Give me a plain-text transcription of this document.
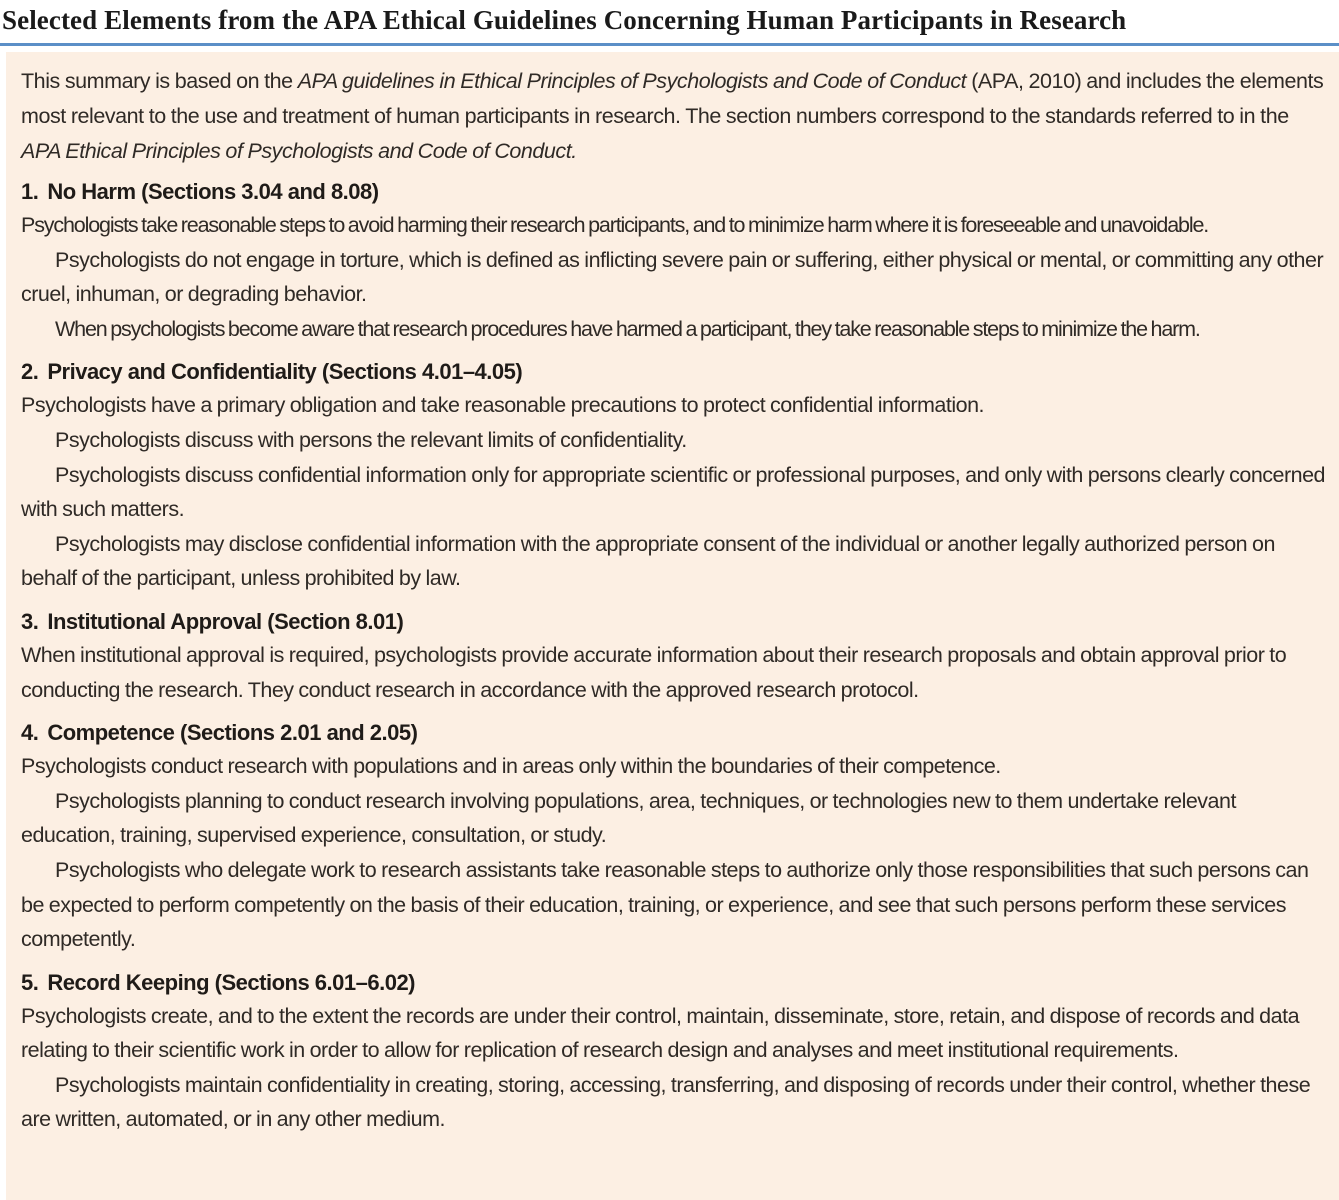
Selected Elements from the APA Ethical Guidelines Concerning Human Participants in Research

This summary is based on the APA guidelines in Ethical Principles of Psychologists and Code of Conduct (APA, 2010) and includes the elements most relevant to the use and treatment of human participants in research. The section numbers correspond to the standards referred to in the APA Ethical Principles of Psychologists and Code of Conduct.

1. No Harm (Sections 3.04 and 8.08)

Psychologists take reasonable steps to avoid harming their research participants, and to minimize harm where it is foreseeable and unavoidable.

Psychologists do not engage in torture, which is defined as inflicting severe pain or suffering, either physical or mental, or committing any other cruel, inhuman, or degrading behavior.

When psychologists become aware that research procedures have harmed a participant, they take reasonable steps to minimize the harm.

2. Privacy and Confidentiality (Sections 4.01–4.05)

Psychologists have a primary obligation and take reasonable precautions to protect confidential information.

Psychologists discuss with persons the relevant limits of confidentiality.

Psychologists discuss confidential information only for appropriate scientific or professional purposes, and only with persons clearly concerned with such matters.

Psychologists may disclose confidential information with the appropriate consent of the individual or another legally authorized person on behalf of the participant, unless prohibited by law.

3. Institutional Approval (Section 8.01)

When institutional approval is required, psychologists provide accurate information about their research proposals and obtain approval prior to conducting the research. They conduct research in accordance with the approved research protocol.

4. Competence (Sections 2.01 and 2.05)

Psychologists conduct research with populations and in areas only within the boundaries of their competence.

Psychologists planning to conduct research involving populations, area, techniques, or technologies new to them undertake relevant education, training, supervised experience, consultation, or study.

Psychologists who delegate work to research assistants take reasonable steps to authorize only those responsibilities that such persons can be expected to perform competently on the basis of their education, training, or experience, and see that such persons perform these services competently.

5. Record Keeping (Sections 6.01–6.02)

Psychologists create, and to the extent the records are under their control, maintain, disseminate, store, retain, and dispose of records and data relating to their scientific work in order to allow for replication of research design and analyses and meet institutional requirements.

Psychologists maintain confidentiality in creating, storing, accessing, transferring, and disposing of records under their control, whether these are written, automated, or in any other medium.
